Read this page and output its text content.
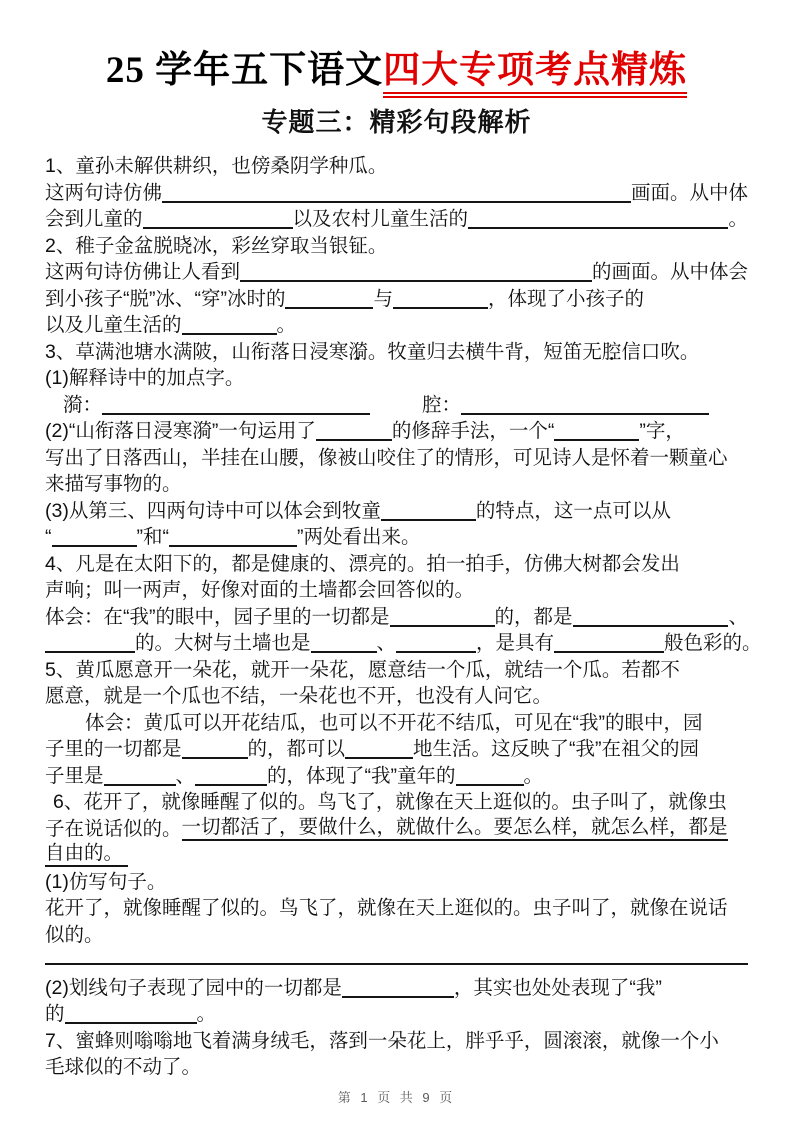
25 学年五下语文四大专项考点精炼
专题三：精彩句段解析
1、童孙未解供耕织，也傍桑阴学种瓜。
这两句诗仿佛	画面。从中体
会到儿童的	以及农村儿童生活的	。
2、稚子金盆脱晓冰，彩丝穿取当银钲。
这两句诗仿佛让人看到	的画面。从中体会
到小孩子“脱”冰、“穿”冰时的	与	，体现了小孩子的
以及儿童生活的	。
3、草满池塘水满陂，山衔落日浸寒 漪 • 。牧童归去横牛背，短笛无 腔 • 信口吹。
(1)解释诗中的加点字。
漪：	腔：
(2)“山衔落日浸寒漪”一句运用了	的修辞手法，一个“	”字，
写出了日落西山，半挂在山腰，像被山咬住了的情形，可见诗人是怀着一颗童心
来描写事物的。
(3)从第三、四两句诗中可以体会到牧童	的特点，这一点可以从
“	”和“	”两处看出来。
4、凡是在太阳下的，都是健康的、漂亮的。拍一拍手，仿佛大树都会发出
声响；叫一两声，好像对面的土墙都会回答似的。
体会：在“我”的眼中，园子里的一切都是	的，都是	、
的。大树与土墙也是	、	，是具有	般色彩的。
5、黄瓜愿意开一朵花，就开一朵花，愿意结一个瓜，就结一个瓜。若都不
愿意，就是一个瓜也不结，一朵花也不开，也没有人问它。
体会：黄瓜可以开花结瓜，也可以不开花不结瓜，可见在“我”的眼中，园
子里的一切都是	的，都可以	地生活。这反映了“我”在祖父的园
子里是	、	的，体现了“我”童年的	。
6、花开了，就像睡醒了似的。鸟飞了，就像在天上逛似的。虫子叫了，就像虫
子在说话似的。 一切都活了，要做什么，就做什么。要怎么样，就怎么样，都是
自由的。
(1)仿写句子。
花开了，就像睡醒了似的。鸟飞了，就像在天上逛似的。虫子叫了，就像在说话
似的。
(2)划线句子表现了园中的一切都是	，其实也处处表现了“我”
的	。
7、蜜蜂则嗡嗡地飞着满身绒毛，落到一朵花上，胖乎乎，圆滚滚，就像一个小
毛球似的不动了。
第 1 页 共 9 页
